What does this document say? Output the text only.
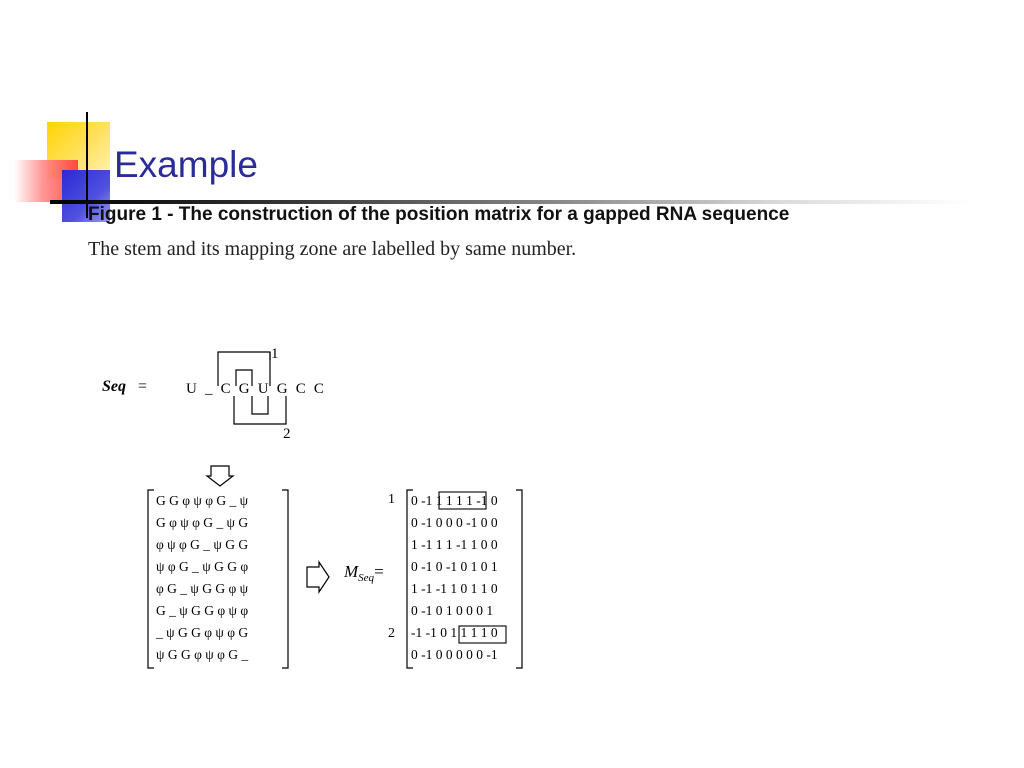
Example
Figure 1 - The construction of the position matrix for a gapped RNA sequence
The stem and its mapping zone are labelled by same number.
Seq =	U _ C G U G C C
1
2
G G φ ψ φ G _ ψ
G φ ψ φ G _ ψ G
φ ψ φ G _ ψ G G
ψ φ G _ ψ G G φ
φ G _ ψ G G φ ψ
G _ ψ G G φ ψ φ
_ ψ G G φ ψ φ G
ψ G G φ ψ φ G _
$M_{Seq}=$
1
2
0 -1 1 1 1 1 -1 0
0 -1 0 0 0 -1 0 0
1 -1 1 1 -1 1 0 0
0 -1 0 -1 0 1 0 1
1 -1 -1 1 0 1 1 0
0 -1 0 1 0 0 0 1
-1 -1 0 1 1 1 1 0
0 -1 0 0 0 0 0 -1
